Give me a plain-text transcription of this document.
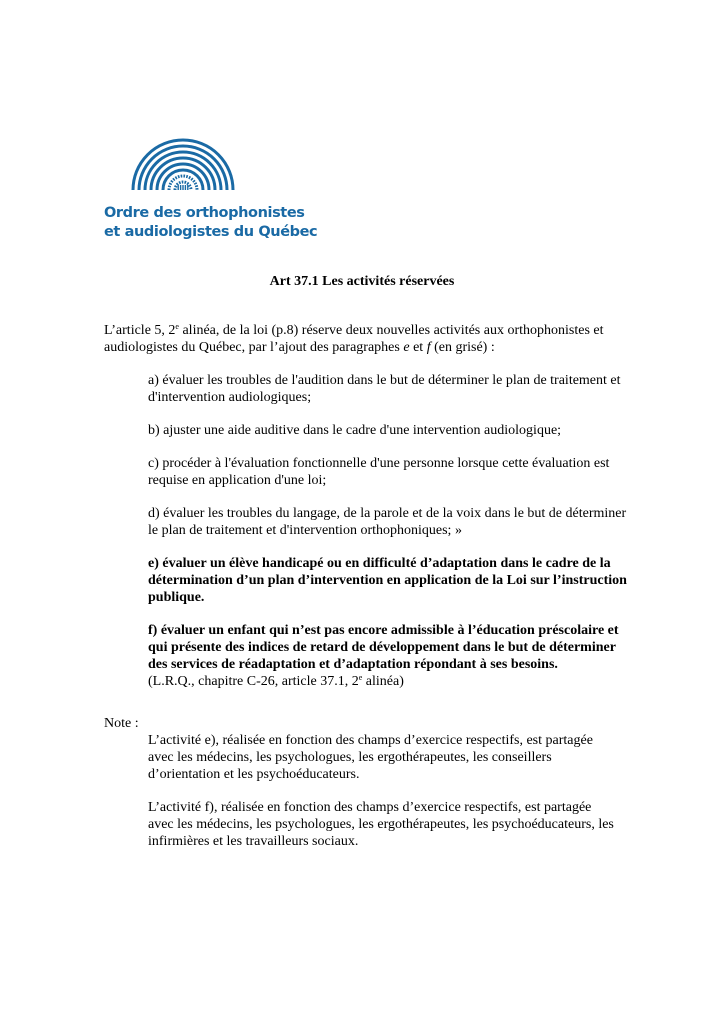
Ordre des orthophonistes
et audiologistes du Québec
Art 37.1 Les activités réservées
L’article 5, 2e alinéa, de la loi (p.8) réserve deux nouvelles activités aux orthophonistes et audiologistes du Québec, par l’ajout des paragraphes e et f (en grisé) :

a) évaluer les troubles de l'audition dans le but de déterminer le plan de traitement et d'intervention audiologiques;

b) ajuster une aide auditive dans le cadre d'une intervention audiologique;

c) procéder à l'évaluation fonctionnelle d'une personne lorsque cette évaluation est requise en application d'une loi;

d) évaluer les troubles du langage, de la parole et de la voix dans le but de déterminer le plan de traitement et d'intervention orthophoniques; »

e) évaluer un élève handicapé ou en difficulté d’adaptation dans le cadre de la détermination d’un plan d’intervention en application de la Loi sur l’instruction publique.

f) évaluer un enfant qui n’est pas encore admissible à l’éducation préscolaire et qui présente des indices de retard de développement dans le but de déterminer des services de réadaptation et d’adaptation répondant à ses besoins.
(L.R.Q., chapitre C-26, article 37.1, 2e alinéa)

Note :

L’activité e), réalisée en fonction des champs d’exercice respectifs, est partagée avec les médecins, les psychologues, les ergothérapeutes, les conseillers d’orientation et les psychoéducateurs.

L’activité f), réalisée en fonction des champs d’exercice respectifs, est partagée avec les médecins, les psychologues, les ergothérapeutes, les psychoéducateurs, les infirmières et les travailleurs sociaux.
